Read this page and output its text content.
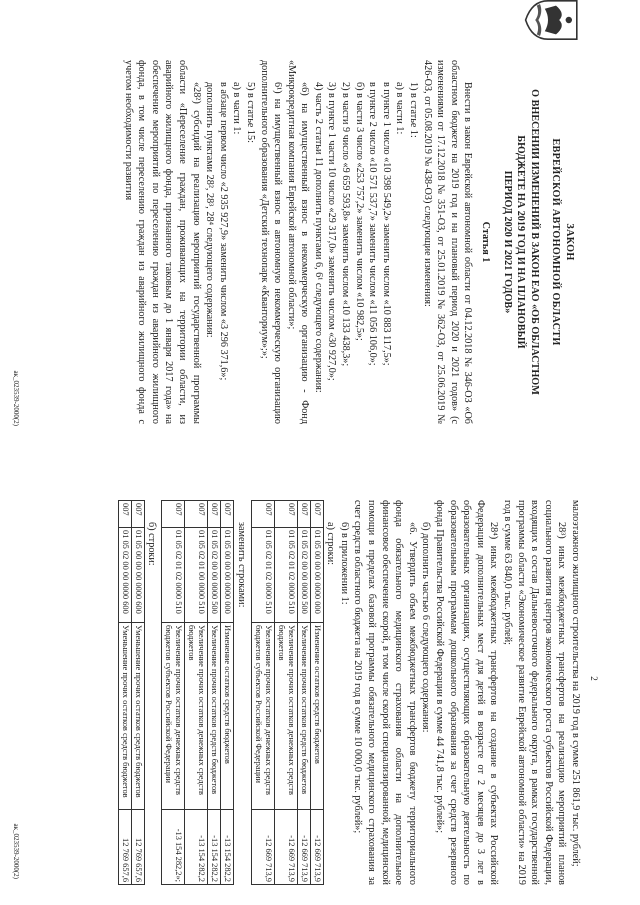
ЗАКОН
ЕВРЕЙСКОЙ АВТОНОМНОЙ ОБЛАСТИ
О ВНЕСЕНИИ ИЗМЕНЕНИЙ В ЗАКОН ЕАО «ОБ ОБЛАСТНОМ
БЮДЖЕТЕ НА 2019 ГОД И НА ПЛАНОВЫЙ
ПЕРИОД 2020 И 2021 ГОДОВ»
Статья 1

Внести в закон Еврейской автономной области от 04.12.2018 № 346-ОЗ «Об областном бюджете на 2019 год и на плановый период 2020 и 2021 годов» (с изменениями от 17.12.2018 № 351-ОЗ, от 25.01.2019 № 362-ОЗ, от 25.06.2019 № 426-ОЗ, от 05.08.2019 № 438-ОЗ) следующие изменения:

1) в статье 1:

а) в части 1:

в пункте 1 число «10 398 549,2» заменить числом «10 883 117,5»;

в пункте 2 число «10 571 537,7» заменить числом «11 056 106,0»;

б) в части 3 число «253 757,2» заменить числом «10 982,5»;

2) в части 9 число «9 659 593,8» заменить числом «10 133 438,3»;

3) в пункте 1 части 10 число «29 317,0» заменить числом «30 927,0»;

4) часть 2 статьи 11 дополнить пунктами 6, 6¹ следующего содержания:

«6) на имущественный взнос в некоммерческую организацию - Фонд «Микрокредитная компания Еврейской автономной области»;

6¹) на имущественный взнос в автономную некоммерческую организацию дополнительного образования «Детский технопарк «Кванториум»;»;

5) в статье 15:

а) в части 1:

в абзаце первом число «2 935 927,9» заменить числом «3 296 371,6»;

дополнить пунктами 28², 28³, 28⁴ следующего содержания:

«28²) субсидий на реализацию мероприятий государственной программы области «Переселение граждан, проживающих на территории области, из аварийного жилищного фонда, признанного таковым до 1 января 2017 года» на обеспечение мероприятий по переселению граждан из аварийного жилищного фонда, в том числе переселению граждан из аварийного жилищного фонда с учетом необходимости развития

ак_023539-2000(2)
2

малоэтажного жилищного строительства на 2019 год в сумме 251 861,9 тыс. рублей;

28³) иных межбюджетных трансфертов на реализацию мероприятий планов социального развития центров экономического роста субъектов Российской Федерации, входящих в состав Дальневосточного федерального округа, в рамках государственной программы области «Экономическое развитие Еврейской автономной области» на 2019 год в сумме 63 840,0 тыс. рублей;

28⁴) иных межбюджетных трансфертов на создание в субъектах Российской Федерации дополнительных мест для детей в возрасте от 2 месяцев до 3 лет в образовательных организациях, осуществляющих образовательную деятельность по образовательным программам дошкольного образования за счет средств резервного фонда Правительства Российской Федерации в сумме 44 741,8 тыс. рублей»;

б) дополнить частью 6 следующего содержания:

«6. Утвердить объем межбюджетных трансфертов бюджету территориального фонда обязательного медицинского страхования области на дополнительное финансовое обеспечение скорой, в том числе скорой специализированной, медицинской помощи в пределах базовой программы обязательного медицинского страхования за счет средств областного бюджета на 2019 год в сумме 10 000,0 тыс. рублей»;

6) в приложении 1:

а) строки:

007	01 05 00 00 00 0000 000	Изменение остатков средств бюджетов	-12 669 713,9
007	01 05 02 00 00 0000 500	Увеличение прочих остатков средств бюджетов	-12 669 713,9
007	01 05 02 01 02 0000 510	Увеличение прочих остатков денежных средств бюджетов	-12 669 713,9
007	01 05 02 01 02 0000 510	Увеличение прочих остатков денежных средств бюджетов субъектов Российской Федерации	-12 669 713,9

заменить строками:

007	01 05 00 00 00 0000 000	Изменение остатков средств бюджетов	-13 154 282,2
007	01 05 02 00 00 0000 500	Увеличение прочих остатков средств бюджетов	-13 154 282,2
007	01 05 02 01 00 0000 510	Увеличение прочих остатков денежных средств бюджетов	-13 154 282,2
007	01 05 02 01 02 0000 510	Увеличение прочих остатков денежных средств бюджетов субъектов Российской Федерации	-13 154 282,2»;

б) строки:

007	01 05 00 00 00 0000 600	Уменьшение прочих остатков средств бюджетов	12 769 657,6
007	01 05 02 00 00 0000 600	Уменьшение прочих остатков средств бюджетов	12 769 657,6
ак_023539-2000(2)
